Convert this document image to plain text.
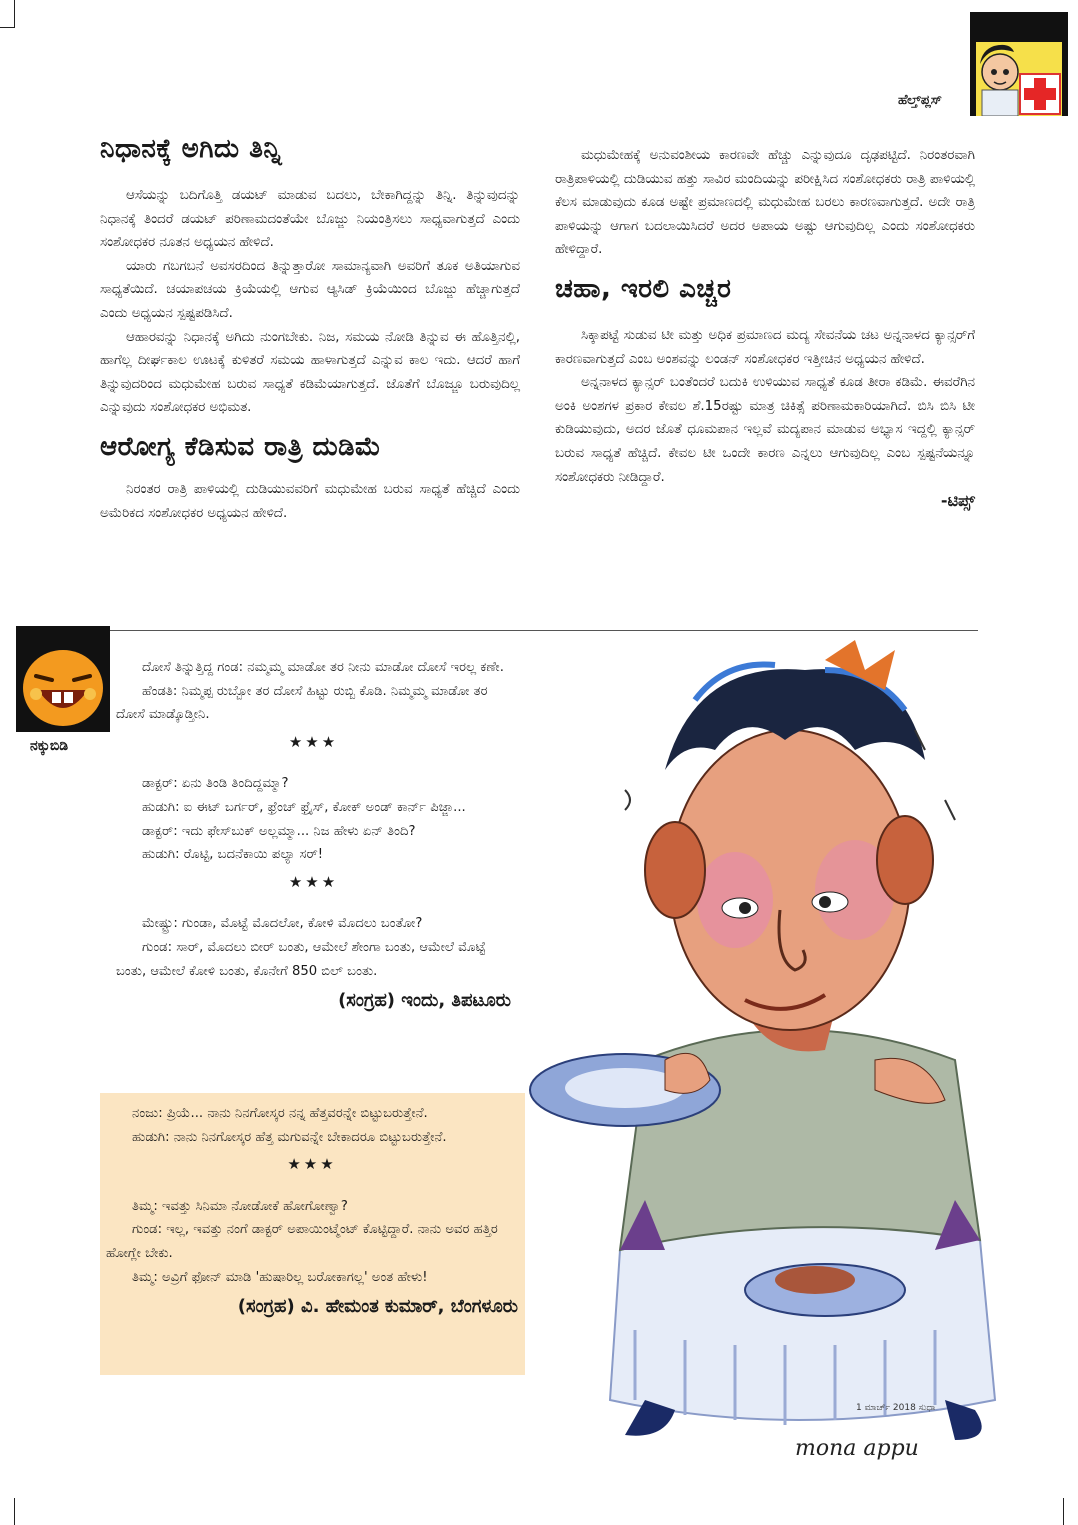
ಹೆಲ್ತ್‌ಪ್ಲಸ್
ನಿಧಾನಕ್ಕೆ ಅಗಿದು ತಿನ್ನಿ

ಆಸೆಯನ್ನು ಬದಿಗೊತ್ತಿ ಡಯಟ್ ಮಾಡುವ ಬದಲು, ಬೇಕಾಗಿದ್ದನ್ನು ತಿನ್ನಿ. ತಿನ್ನುವುದನ್ನು ನಿಧಾನಕ್ಕೆ ತಿಂದರೆ ಡಯಟ್ ಪರಿಣಾಮದಂತೆಯೇ ಬೊಜ್ಜು ನಿಯಂತ್ರಿಸಲು ಸಾಧ್ಯವಾಗುತ್ತದೆ ಎಂದು ಸಂಶೋಧಕರ ನೂತನ ಅಧ್ಯಯನ ಹೇಳಿದೆ.

ಯಾರು ಗಬಗಬನೆ ಅವಸರದಿಂದ ತಿನ್ನುತ್ತಾರೋ ಸಾಮಾನ್ಯವಾಗಿ ಅವರಿಗೆ ತೂಕ ಅತಿಯಾಗುವ ಸಾಧ್ಯತೆಯಿದೆ. ಚಯಾಪಚಯ ಕ್ರಿಯೆಯಲ್ಲಿ ಆಗುವ ಆ್ಯಸಿಡ್ ಕ್ರಿಯೆಯಿಂದ ಬೊಜ್ಜು ಹೆಚ್ಚಾಗುತ್ತದೆ ಎಂದು ಅಧ್ಯಯನ ಸ್ಪಷ್ಟಪಡಿಸಿದೆ.

ಆಹಾರವನ್ನು ನಿಧಾನಕ್ಕೆ ಅಗಿದು ನುಂಗಬೇಕು. ನಿಜ, ಸಮಯ ನೋಡಿ ತಿನ್ನುವ ಈ ಹೊತ್ತಿನಲ್ಲಿ, ಹಾಗೆಲ್ಲ ದೀರ್ಘಕಾಲ ಊಟಕ್ಕೆ ಕುಳಿತರೆ ಸಮಯ ಹಾಳಾಗುತ್ತದೆ ಎನ್ನುವ ಕಾಲ ಇದು. ಆದರೆ ಹಾಗೆ ತಿನ್ನುವುದರಿಂದ ಮಧುಮೇಹ ಬರುವ ಸಾಧ್ಯತೆ ಕಡಿಮೆಯಾಗುತ್ತದೆ. ಜೊತೆಗೆ ಬೊಜ್ಜೂ ಬರುವುದಿಲ್ಲ ಎನ್ನುವುದು ಸಂಶೋಧಕರ ಅಭಿಮತ.

ಆರೋಗ್ಯ ಕೆಡಿಸುವ ರಾತ್ರಿ ದುಡಿಮೆ

ನಿರಂತರ ರಾತ್ರಿ ಪಾಳಿಯಲ್ಲಿ ದುಡಿಯುವವರಿಗೆ ಮಧುಮೇಹ ಬರುವ ಸಾಧ್ಯತೆ ಹೆಚ್ಚಿದೆ ಎಂದು ಅಮೆರಿಕದ ಸಂಶೋಧಕರ ಅಧ್ಯಯನ ಹೇಳಿದೆ.

ಮಧುಮೇಹಕ್ಕೆ ಅನುವಂಶೀಯ ಕಾರಣವೇ ಹೆಚ್ಚು ಎನ್ನುವುದೂ ದೃಢಪಟ್ಟಿದೆ. ನಿರಂತರವಾಗಿ ರಾತ್ರಿಪಾಳಿಯಲ್ಲಿ ದುಡಿಯುವ ಹತ್ತು ಸಾವಿರ ಮಂದಿಯನ್ನು ಪರೀಕ್ಷಿಸಿದ ಸಂಶೋಧಕರು ರಾತ್ರಿ ಪಾಳಿಯಲ್ಲಿ ಕೆಲಸ ಮಾಡುವುದು ಕೂಡ ಅಷ್ಟೇ ಪ್ರಮಾಣದಲ್ಲಿ ಮಧುಮೇಹ ಬರಲು ಕಾರಣವಾಗುತ್ತದೆ. ಅದೇ ರಾತ್ರಿ ಪಾಳಿಯನ್ನು ಆಗಾಗ ಬದಲಾಯಿಸಿದರೆ ಅದರ ಅಪಾಯ ಅಷ್ಟು ಆಗುವುದಿಲ್ಲ ಎಂದು ಸಂಶೋಧಕರು ಹೇಳಿದ್ದಾರೆ.

ಚಹಾ, ಇರಲಿ ಎಚ್ಚರ

ಸಿಕ್ಕಾಪಟ್ಟೆ ಸುಡುವ ಟೀ ಮತ್ತು ಅಧಿಕ ಪ್ರಮಾಣದ ಮದ್ಯ ಸೇವನೆಯ ಚಟ ಅನ್ನನಾಳದ ಕ್ಯಾನ್ಸರ್‌ಗೆ ಕಾರಣವಾಗುತ್ತದೆ ಎಂಬ ಅಂಶವನ್ನು ಲಂಡನ್ ಸಂಶೋಧಕರ ಇತ್ತೀಚಿನ ಅಧ್ಯಯನ ಹೇಳಿದೆ.

ಅನ್ನನಾಳದ ಕ್ಯಾನ್ಸರ್ ಬಂತೆಂದರೆ ಬದುಕಿ ಉಳಿಯುವ ಸಾಧ್ಯತೆ ಕೂಡ ತೀರಾ ಕಡಿಮೆ. ಈವರೆಗಿನ ಅಂಕಿ ಅಂಶಗಳ ಪ್ರಕಾರ ಕೇವಲ ಶೆ.15ರಷ್ಟು ಮಾತ್ರ ಚಿಕಿತ್ಸೆ ಪರಿಣಾಮಕಾರಿಯಾಗಿದೆ. ಬಿಸಿ ಬಿಸಿ ಟೀ ಕುಡಿಯುವುದು, ಅದರ ಜೊತೆ ಧೂಮಪಾನ ಇಲ್ಲವೆ ಮದ್ಯಪಾನ ಮಾಡುವ ಅಭ್ಯಾಸ ಇದ್ದಲ್ಲಿ ಕ್ಯಾನ್ಸರ್ ಬರುವ ಸಾಧ್ಯತೆ ಹೆಚ್ಚಿದೆ. ಕೇವಲ ಟೀ ಒಂದೇ ಕಾರಣ ಎನ್ನಲು ಆಗುವುದಿಲ್ಲ ಎಂಬ ಸ್ಪಷ್ಟನೆಯನ್ನೂ ಸಂಶೋಧಕರು ನೀಡಿದ್ದಾರೆ.

-ಟಿಪ್ಸ್
ನಕ್ಕುಬಿಡಿ

ದೋಸೆ ತಿನ್ನುತ್ತಿದ್ದ ಗಂಡ: ನಮ್ಮಮ್ಮ ಮಾಡೋ ತರ ನೀನು ಮಾಡೋ ದೋಸೆ ಇರಲ್ಲ ಕಣೇ.

ಹೆಂಡತಿ: ನಿಮ್ಮಪ್ಪ ರುಬ್ಬೋ ತರ ದೋಸೆ ಹಿಟ್ಟು ರುಬ್ಬಿ ಕೊಡಿ. ನಿಮ್ಮಮ್ಮ ಮಾಡೋ ತರ ದೋಸೆ ಮಾಡ್ಕೊಡ್ತೀನಿ.

★★★

ಡಾಕ್ಟರ್: ಏನು ತಿಂಡಿ ತಿಂದಿದ್ದಮ್ಮಾ?

ಹುಡುಗಿ: ಐ ಈಟ್ ಬರ್ಗರ್, ಫ್ರೆಂಚ್ ಫ್ರೈಸ್, ಕೋಕ್ ಅಂಡ್ ಕಾರ್ನ್ ಪಿಜ್ಜಾ...

ಡಾಕ್ಟರ್: ಇದು ಫೇಸ್‌ಬುಕ್ ಅಲ್ಲಮ್ಮಾ... ನಿಜ ಹೇಳು ಏನ್ ತಿಂದಿ?

ಹುಡುಗಿ: ರೊಟ್ಟಿ, ಬದನೆಕಾಯಿ ಪಲ್ಯಾ ಸರ್!

★★★

ಮೇಷ್ಟ್ರು: ಗುಂಡಾ, ಮೊಟ್ಟೆ ಮೊದಲೋ, ಕೋಳಿ ಮೊದಲು ಬಂತೋ?

ಗುಂಡ: ಸಾರ್, ಮೊದಲು ಬೀರ್ ಬಂತು, ಆಮೇಲೆ ಶೇಂಗಾ ಬಂತು, ಆಮೇಲೆ ಮೊಟ್ಟೆ ಬಂತು, ಆಮೇಲೆ ಕೋಳಿ ಬಂತು, ಕೊನೇಗೆ 850 ಬಿಲ್ ಬಂತು.

(ಸಂಗ್ರಹ) ಇಂದು, ತಿಪಟೂರು

ನಂಜು: ಪ್ರಿಯೆ... ನಾನು ನಿನಗೋಸ್ಕರ ನನ್ನ ಹೆತ್ತವರನ್ನೇ ಬಿಟ್ಟುಬರುತ್ತೇನೆ.

ಹುಡುಗಿ: ನಾನು ನಿನಗೋಸ್ಕರ ಹೆತ್ತ ಮಗುವನ್ನೇ ಬೇಕಾದರೂ ಬಿಟ್ಟುಬರುತ್ತೇನೆ.

★★★

ತಿಮ್ಮ: ಇವತ್ತು ಸಿನಿಮಾ ನೋಡೋಕೆ ಹೋಗೋಣ್ವಾ?

ಗುಂಡ: ಇಲ್ಲ, ಇವತ್ತು ನಂಗೆ ಡಾಕ್ಟರ್ ಅಪಾಯಿಂಟ್ಮೆಂಟ್ ಕೊಟ್ಟಿದ್ದಾರೆ. ನಾನು ಅವರ ಹತ್ತಿರ ಹೋಗ್ಲೇ ಬೇಕು.

ತಿಮ್ಮ: ಅವ್ರಿಗೆ ಫೋನ್ ಮಾಡಿ 'ಹುಷಾರಿಲ್ಲ ಬರೋಕಾಗಲ್ಲ' ಅಂತ ಹೇಳು!

(ಸಂಗ್ರಹ) ವಿ. ಹೇಮಂತ ಕುಮಾರ್, ಬೆಂಗಳೂರು
mona appu
1 ಮಾರ್ಚ್ 2018 ಸುಧಾ
